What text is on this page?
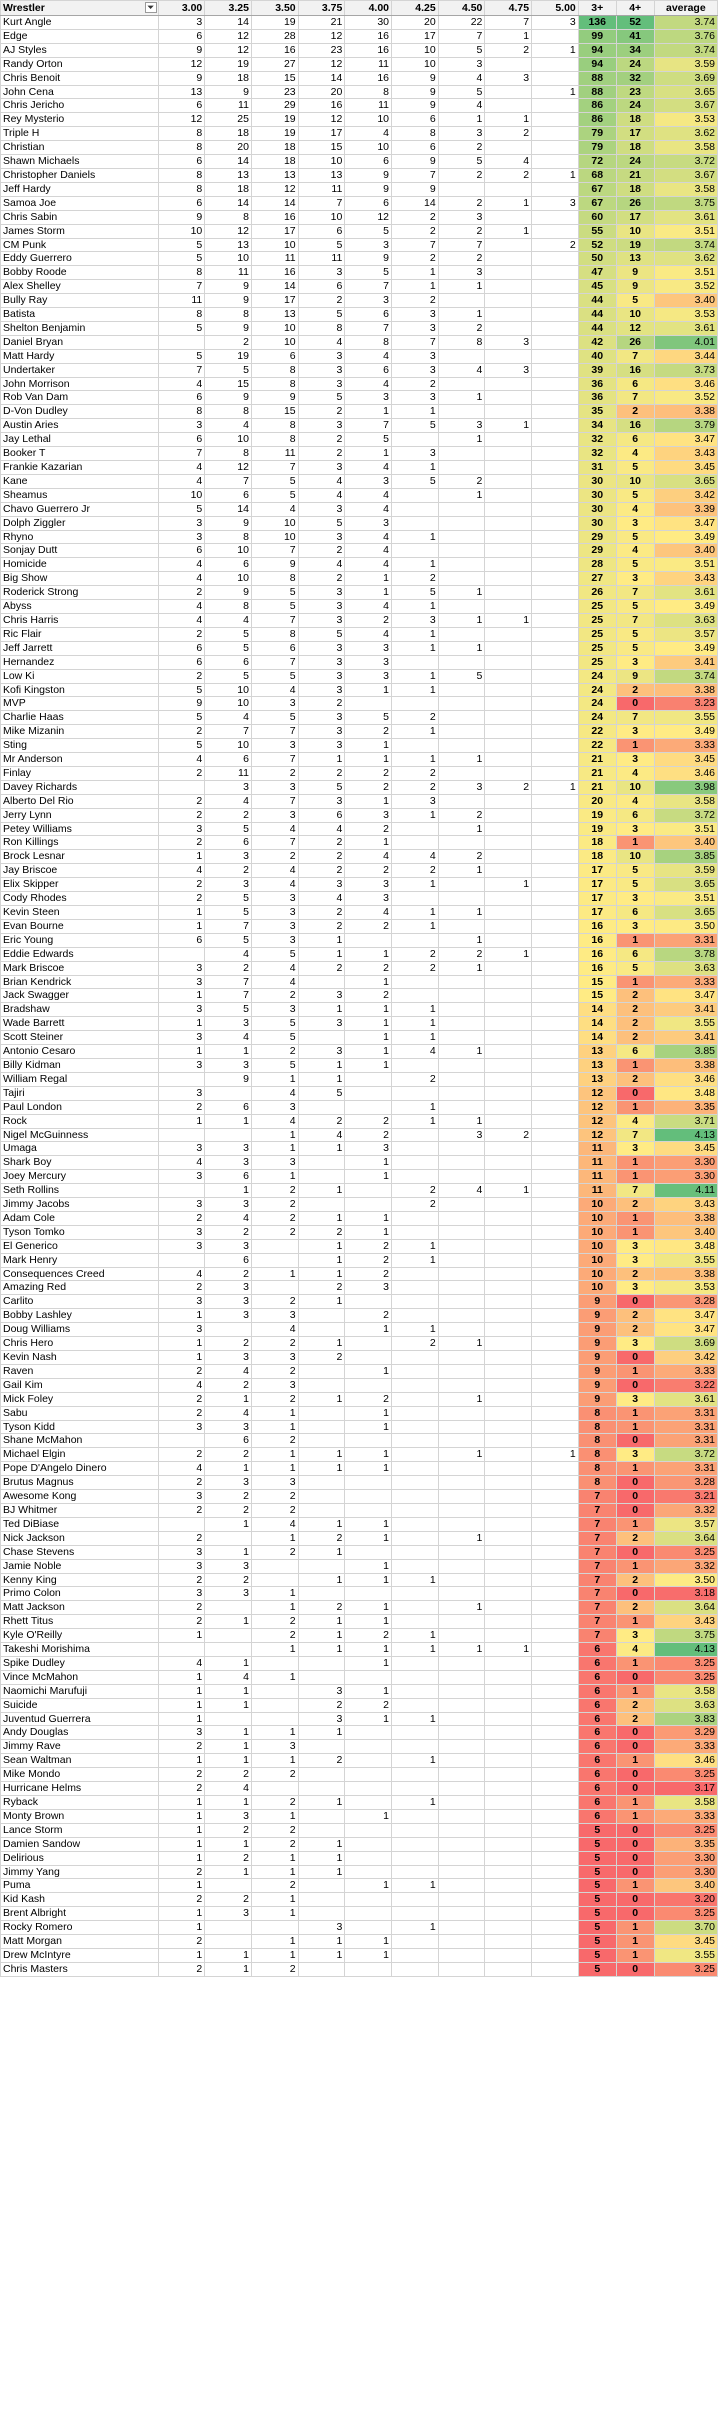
Wrestler ⏷	3.00	3.25	3.50	3.75	4.00	4.25	4.50	4.75	5.00	3+	4+	average
Kurt Angle	3	14	19	21	30	20	22	7	3	136	52	3.74
Edge	6	12	28	12	16	17	7	1		99	41	3.76
AJ Styles	9	12	16	23	16	10	5	2	1	94	34	3.74
Randy Orton	12	19	27	12	11	10	3			94	24	3.59
Chris Benoit	9	18	15	14	16	9	4	3		88	32	3.69
John Cena	13	9	23	20	8	9	5		1	88	23	3.65
Chris Jericho	6	11	29	16	11	9	4			86	24	3.67
Rey Mysterio	12	25	19	12	10	6	1	1		86	18	3.53
Triple H	8	18	19	17	4	8	3	2		79	17	3.62
Christian	8	20	18	15	10	6	2			79	18	3.58
Shawn Michaels	6	14	18	10	6	9	5	4		72	24	3.72
Christopher Daniels	8	13	13	13	9	7	2	2	1	68	21	3.67
Jeff Hardy	8	18	12	11	9	9				67	18	3.58
Samoa Joe	6	14	14	7	6	14	2	1	3	67	26	3.75
Chris Sabin	9	8	16	10	12	2	3			60	17	3.61
James Storm	10	12	17	6	5	2	2	1		55	10	3.51
CM Punk	5	13	10	5	3	7	7		2	52	19	3.74
Eddy Guerrero	5	10	11	11	9	2	2			50	13	3.62
Bobby Roode	8	11	16	3	5	1	3			47	9	3.51
Alex Shelley	7	9	14	6	7	1	1			45	9	3.52
Bully Ray	11	9	17	2	3	2				44	5	3.40
Batista	8	8	13	5	6	3	1			44	10	3.53
Shelton Benjamin	5	9	10	8	7	3	2			44	12	3.61
Daniel Bryan		2	10	4	8	7	8	3		42	26	4.01
Matt Hardy	5	19	6	3	4	3				40	7	3.44
Undertaker	7	5	8	3	6	3	4	3		39	16	3.73
John Morrison	4	15	8	3	4	2				36	6	3.46
Rob Van Dam	6	9	9	5	3	3	1			36	7	3.52
D-Von Dudley	8	8	15	2	1	1				35	2	3.38
Austin Aries	3	4	8	3	7	5	3	1		34	16	3.79
Jay Lethal	6	10	8	2	5		1			32	6	3.47
Booker T	7	8	11	2	1	3				32	4	3.43
Frankie Kazarian	4	12	7	3	4	1				31	5	3.45
Kane	4	7	5	4	3	5	2			30	10	3.65
Sheamus	10	6	5	4	4		1			30	5	3.42
Chavo Guerrero Jr	5	14	4	3	4					30	4	3.39
Dolph Ziggler	3	9	10	5	3					30	3	3.47
Rhyno	3	8	10	3	4	1				29	5	3.49
Sonjay Dutt	6	10	7	2	4					29	4	3.40
Homicide	4	6	9	4	4	1				28	5	3.51
Big Show	4	10	8	2	1	2				27	3	3.43
Roderick Strong	2	9	5	3	1	5	1			26	7	3.61
Abyss	4	8	5	3	4	1				25	5	3.49
Chris Harris	4	4	7	3	2	3	1	1		25	7	3.63
Ric Flair	2	5	8	5	4	1				25	5	3.57
Jeff Jarrett	6	5	6	3	3	1	1			25	5	3.49
Hernandez	6	6	7	3	3					25	3	3.41
Low Ki	2	5	5	3	3	1	5			24	9	3.74
Kofi Kingston	5	10	4	3	1	1				24	2	3.38
MVP	9	10	3	2						24	0	3.23
Charlie Haas	5	4	5	3	5	2				24	7	3.55
Mike Mizanin	2	7	7	3	2	1				22	3	3.49
Sting	5	10	3	3	1					22	1	3.33
Mr Anderson	4	6	7	1	1	1	1			21	3	3.45
Finlay	2	11	2	2	2	2				21	4	3.46
Davey Richards		3	3	5	2	2	3	2	1	21	10	3.98
Alberto Del Rio	2	4	7	3	1	3				20	4	3.58
Jerry Lynn	2	2	3	6	3	1	2			19	6	3.72
Petey Williams	3	5	4	4	2		1			19	3	3.51
Ron Killings	2	6	7	2	1					18	1	3.40
Brock Lesnar	1	3	2	2	4	4	2			18	10	3.85
Jay Briscoe	4	2	4	2	2	2	1			17	5	3.59
Elix Skipper	2	3	4	3	3	1		1		17	5	3.65
Cody Rhodes	2	5	3	4	3					17	3	3.51
Kevin Steen	1	5	3	2	4	1	1			17	6	3.65
Evan Bourne	1	7	3	2	2	1				16	3	3.50
Eric Young	6	5	3	1			1			16	1	3.31
Eddie Edwards		4	5	1	1	2	2	1		16	6	3.78
Mark Briscoe	3	2	4	2	2	2	1			16	5	3.63
Brian Kendrick	3	7	4		1					15	1	3.33
Jack Swagger	1	7	2	3	2					15	2	3.47
Bradshaw	3	5	3	1	1	1				14	2	3.41
Wade Barrett	1	3	5	3	1	1				14	2	3.55
Scott Steiner	3	4	5		1	1				14	2	3.41
Antonio Cesaro	1	1	2	3	1	4	1			13	6	3.85
Billy Kidman	3	3	5	1	1					13	1	3.38
William Regal		9	1	1		2				13	2	3.46
Tajiri	3		4	5						12	0	3.48
Paul London	2	6	3			1				12	1	3.35
Rock	1	1	4	2	2	1	1			12	4	3.71
Nigel McGuinness			1	4	2		3	2		12	7	4.13
Umaga	3	3	1	1	3					11	3	3.45
Shark Boy	4	3	3		1					11	1	3.30
Joey Mercury	3	6	1		1					11	1	3.30
Seth Rollins		1	2	1		2	4	1		11	7	4.11
Jimmy Jacobs	3	3	2			2				10	2	3.43
Adam Cole	2	4	2	1	1					10	1	3.38
Tyson Tomko	3	2	2	2	1					10	1	3.40
El Generico	3	3		1	2	1				10	3	3.48
Mark Henry		6		1	2	1				10	3	3.55
Consequences Creed	4	2	1	1	2					10	2	3.38
Amazing Red	2	3		2	3					10	3	3.53
Carlito	3	3	2	1						9	0	3.28
Bobby Lashley	1	3	3		2					9	2	3.47
Doug Williams	3		4		1	1				9	2	3.47
Chris Hero	1	2	2	1		2	1			9	3	3.69
Kevin Nash	1	3	3	2						9	0	3.42
Raven	2	4	2		1					9	1	3.33
Gail Kim	4	2	3							9	0	3.22
Mick Foley	2	1	2	1	2		1			9	3	3.61
Sabu	2	4	1		1					8	1	3.31
Tyson Kidd	3	3	1		1					8	1	3.31
Shane McMahon		6	2							8	0	3.31
Michael Elgin	2	2	1	1	1		1		1	8	3	3.72
Pope D'Angelo Dinero	4	1	1	1	1					8	1	3.31
Brutus Magnus	2	3	3							8	0	3.28
Awesome Kong	3	2	2							7	0	3.21
BJ Whitmer	2	2	2							7	0	3.32
Ted DiBiase		1	4	1	1					7	1	3.57
Nick Jackson	2		1	2	1		1			7	2	3.64
Chase Stevens	3	1	2	1						7	0	3.25
Jamie Noble	3	3			1					7	1	3.32
Kenny King	2	2		1	1	1				7	2	3.50
Primo Colon	3	3	1							7	0	3.18
Matt Jackson	2		1	2	1		1			7	2	3.64
Rhett Titus	2	1	2	1	1					7	1	3.43
Kyle O'Reilly	1		2	1	2	1				7	3	3.75
Takeshi Morishima			1	1	1	1	1	1		6	4	4.13
Spike Dudley	4	1			1					6	1	3.25
Vince McMahon	1	4	1							6	0	3.25
Naomichi Marufuji	1	1		3	1					6	1	3.58
Suicide	1	1		2	2					6	2	3.63
Juventud Guerrera	1			3	1	1				6	2	3.83
Andy Douglas	3	1	1	1						6	0	3.29
Jimmy Rave	2	1	3							6	0	3.33
Sean Waltman	1	1	1	2		1				6	1	3.46
Mike Mondo	2	2	2							6	0	3.25
Hurricane Helms	2	4								6	0	3.17
Ryback	1	1	2	1		1				6	1	3.58
Monty Brown	1	3	1		1					6	1	3.33
Lance Storm	1	2	2							5	0	3.25
Damien Sandow	1	1	2	1						5	0	3.35
Delirious	1	2	1	1						5	0	3.30
Jimmy Yang	2	1	1	1						5	0	3.30
Puma	1		2		1	1				5	1	3.40
Kid Kash	2	2	1							5	0	3.20
Brent Albright	1	3	1							5	0	3.25
Rocky Romero	1			3		1				5	1	3.70
Matt Morgan	2		1	1	1					5	1	3.45
Drew McIntyre	1	1	1	1	1					5	1	3.55
Chris Masters	2	1	2							5	0	3.25
